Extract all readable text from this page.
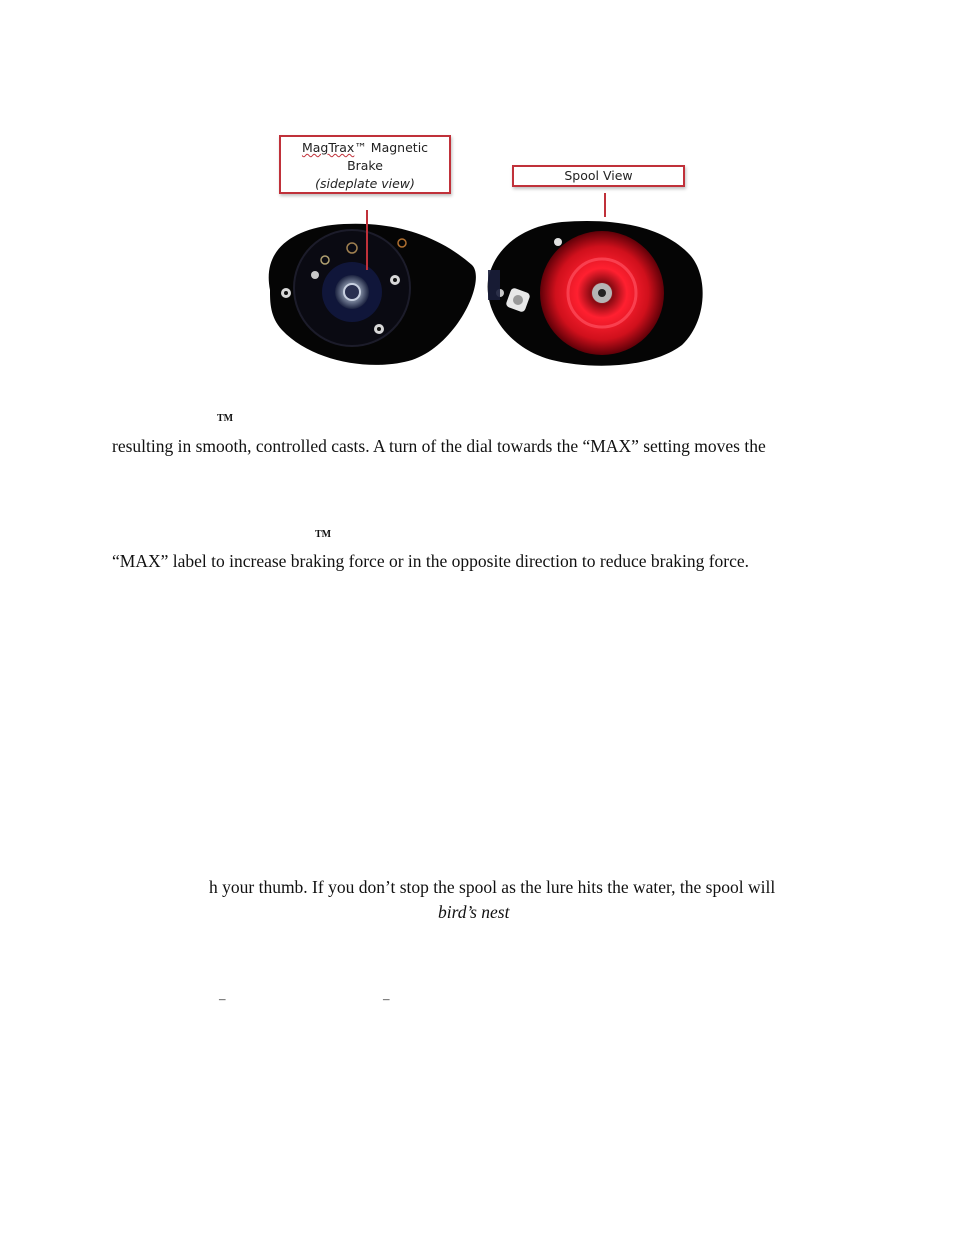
MagTrax™ Magnetic
Brake
(sideplate view)
Spool View
TM
resulting in smooth, controlled casts. A turn of the dial towards the “MAX” setting moves the
TM
“MAX” label to increase braking force or in the opposite direction to reduce braking force.
h your thumb. If you don’t stop the spool as the lure hits the water, the spool will
bird’s nest
–	–
